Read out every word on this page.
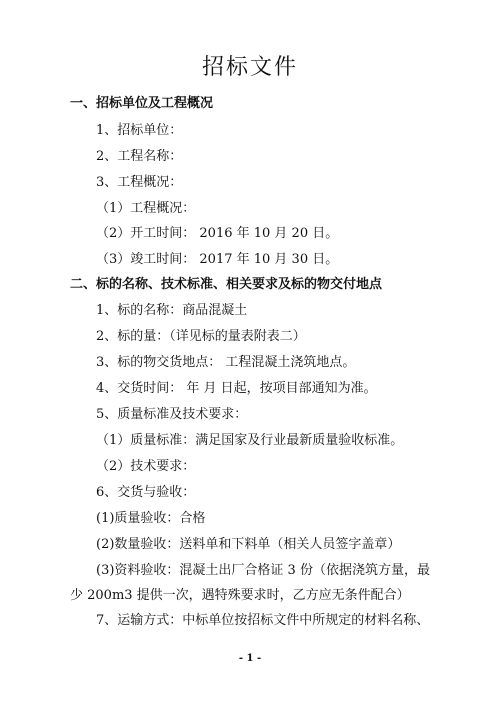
招标文件
一、招标单位及工程概况
1、招标单位：
2、工程名称：
3、工程概况：
（1）工程概况：
（2）开工时间： 2016 年 10 月 20 日。
（3）竣工时间： 2017 年 10 月 30 日。
二、标的名称、技术标准、相关要求及标的物交付地点
1、标的名称：商品混凝土
2、标的量：（详见标的量表附表二）
3、标的物交货地点： 工程混凝土浇筑地点。
4、交货时间： 年 月 日起，按项目部通知为准。
5、质量标准及技术要求：
（1）质量标准：满足国家及行业最新质量验收标准。
（2）技术要求：
6、交货与验收：
(1)质量验收：合格
(2)数量验收：送料单和下料单（相关人员签字盖章）
(3)资料验收：混凝土出厂合格证 3 份（依据浇筑方量，最
少 200m3 提供一次，遇特殊要求时，乙方应无条件配合）
7、运输方式：中标单位按招标文件中所规定的材料名称、
- 1 -
